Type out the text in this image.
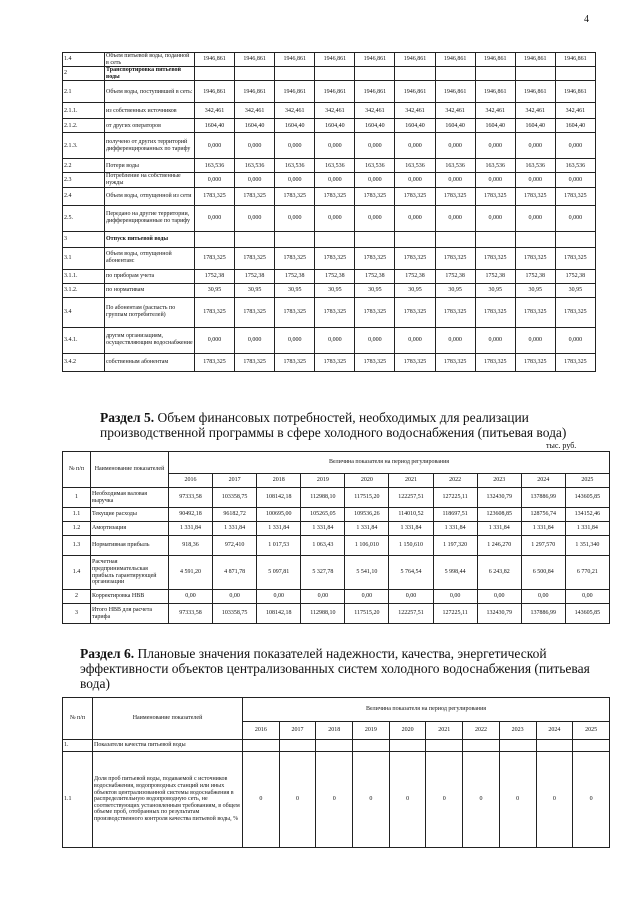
4
1.4	Объем питьевой воды, поданной в сеть	1946,861	1946,861	1946,861	1946,861	1946,861	1946,861	1946,861	1946,861	1946,861	1946,861
2	Транспортировка питьевой воды										
2.1	Объем воды, поступившей в сеть:	1946,861	1946,861	1946,861	1946,861	1946,861	1946,861	1946,861	1946,861	1946,861	1946,861
2.1.1.	из собственных источников	342,461	342,461	342,461	342,461	342,461	342,461	342,461	342,461	342,461	342,461
2.1.2.	от других операторов	1604,40	1604,40	1604,40	1604,40	1604,40	1604,40	1604,40	1604,40	1604,40	1604,40
2.1.3.	получено от других территорий дифференцированных по тарифу	0,000	0,000	0,000	0,000	0,000	0,000	0,000	0,000	0,000	0,000
2.2	Потери воды	163,536	163,536	163,536	163,536	163,536	163,536	163,536	163,536	163,536	163,536
2.3	Потребление на собственные нужды	0,000	0,000	0,000	0,000	0,000	0,000	0,000	0,000	0,000	0,000
2.4	Объем воды, отпущенной из сети	1783,325	1783,325	1783,325	1783,325	1783,325	1783,325	1783,325	1783,325	1783,325	1783,325
2.5.	Передано на другие территории, дифференцированные по тарифу	0,000	0,000	0,000	0,000	0,000	0,000	0,000	0,000	0,000	0,000
3	Отпуск питьевой воды										
3.1	Объем воды, отпущенной абонентам:	1783,325	1783,325	1783,325	1783,325	1783,325	1783,325	1783,325	1783,325	1783,325	1783,325
3.1.1.	по приборам учета	1752,38	1752,38	1752,38	1752,38	1752,38	1752,38	1752,38	1752,38	1752,38	1752,38
3.1.2.	по нормативам	30,95	30,95	30,95	30,95	30,95	30,95	30,95	30,95	30,95	30,95
3.4	По абонентам (распасть по группам потребителей)	1783,325	1783,325	1783,325	1783,325	1783,325	1783,325	1783,325	1783,325	1783,325	1783,325
3.4.1.	другим организациям, осуществляющим водоснабжение	0,000	0,000	0,000	0,000	0,000	0,000	0,000	0,000	0,000	0,000
3.4.2	собственным абонентам	1783,325	1783,325	1783,325	1783,325	1783,325	1783,325	1783,325	1783,325	1783,325	1783,325
Раздел 5. Объем финансовых потребностей, необходимых для реализации производственной программы в сфере холодного водоснабжения (питьевая вода)
тыс. руб.
№ п/п	Наименование показателей	Величина показателя на период регулирования									
		2016	2017	2018	2019	2020	2021	2022	2023	2024	2025
1	Необходимая валовая выручка	97333,58	103358,75	108142,18	112988,10	117515,20	122257,51	127225,11	132430,79	137886,99	143605,85
1.1	Текущие расходы	90492,18	96182,72	100695,00	105265,05	109536,26	114010,52	118697,51	123608,85	128756,74	134152,46
1.2	Амортизация	1 331,84	1 331,84	1 331,84	1 331,84	1 331,84	1 331,84	1 331,84	1 331,84	1 331,84	1 331,84
1.3	Нормативная прибыль	918,36	972,410	1 017,53	1 063,43	1 106,010	1 150,610	1 197,320	1 246,270	1 297,570	1 351,340
1.4	Расчетная предпринимательская прибыль гарантирующей организации	4 591,20	4 871,78	5 097,81	5 327,78	5 541,10	5 764,54	5 998,44	6 243,82	6 500,84	6 770,21
2	Корректировка НВВ	0,00	0,00	0,00	0,00	0,00	0,00	0,00	0,00	0,00	0,00
3	Итого НВВ для расчета тарифа	97333,58	103358,75	108142,18	112988,10	117515,20	122257,51	127225,11	132430,79	137886,99	143605,85
Раздел 6. Плановые значения показателей надежности, качества, энергетической эффективности объектов централизованных систем холодного водоснабжения (питьевая вода)
№ п/п	Наименование показателей	Величина показателя на период регулирования									
		2016	2017	2018	2019	2020	2021	2022	2023	2024	2025
1.	Показатели качества питьевой воды										
1.1	Доля проб питьевой воды, подаваемой с источников водоснабжения, водопроводных станций или иных объектов централизованной системы водоснабжения в распределительную водопроводную сеть, не соответствующих установленным требованиям, в общем объеме проб, отобранных по результатам производственного контроля качества питьевой воды, %	0	0	0	0	0	0	0	0	0	0
